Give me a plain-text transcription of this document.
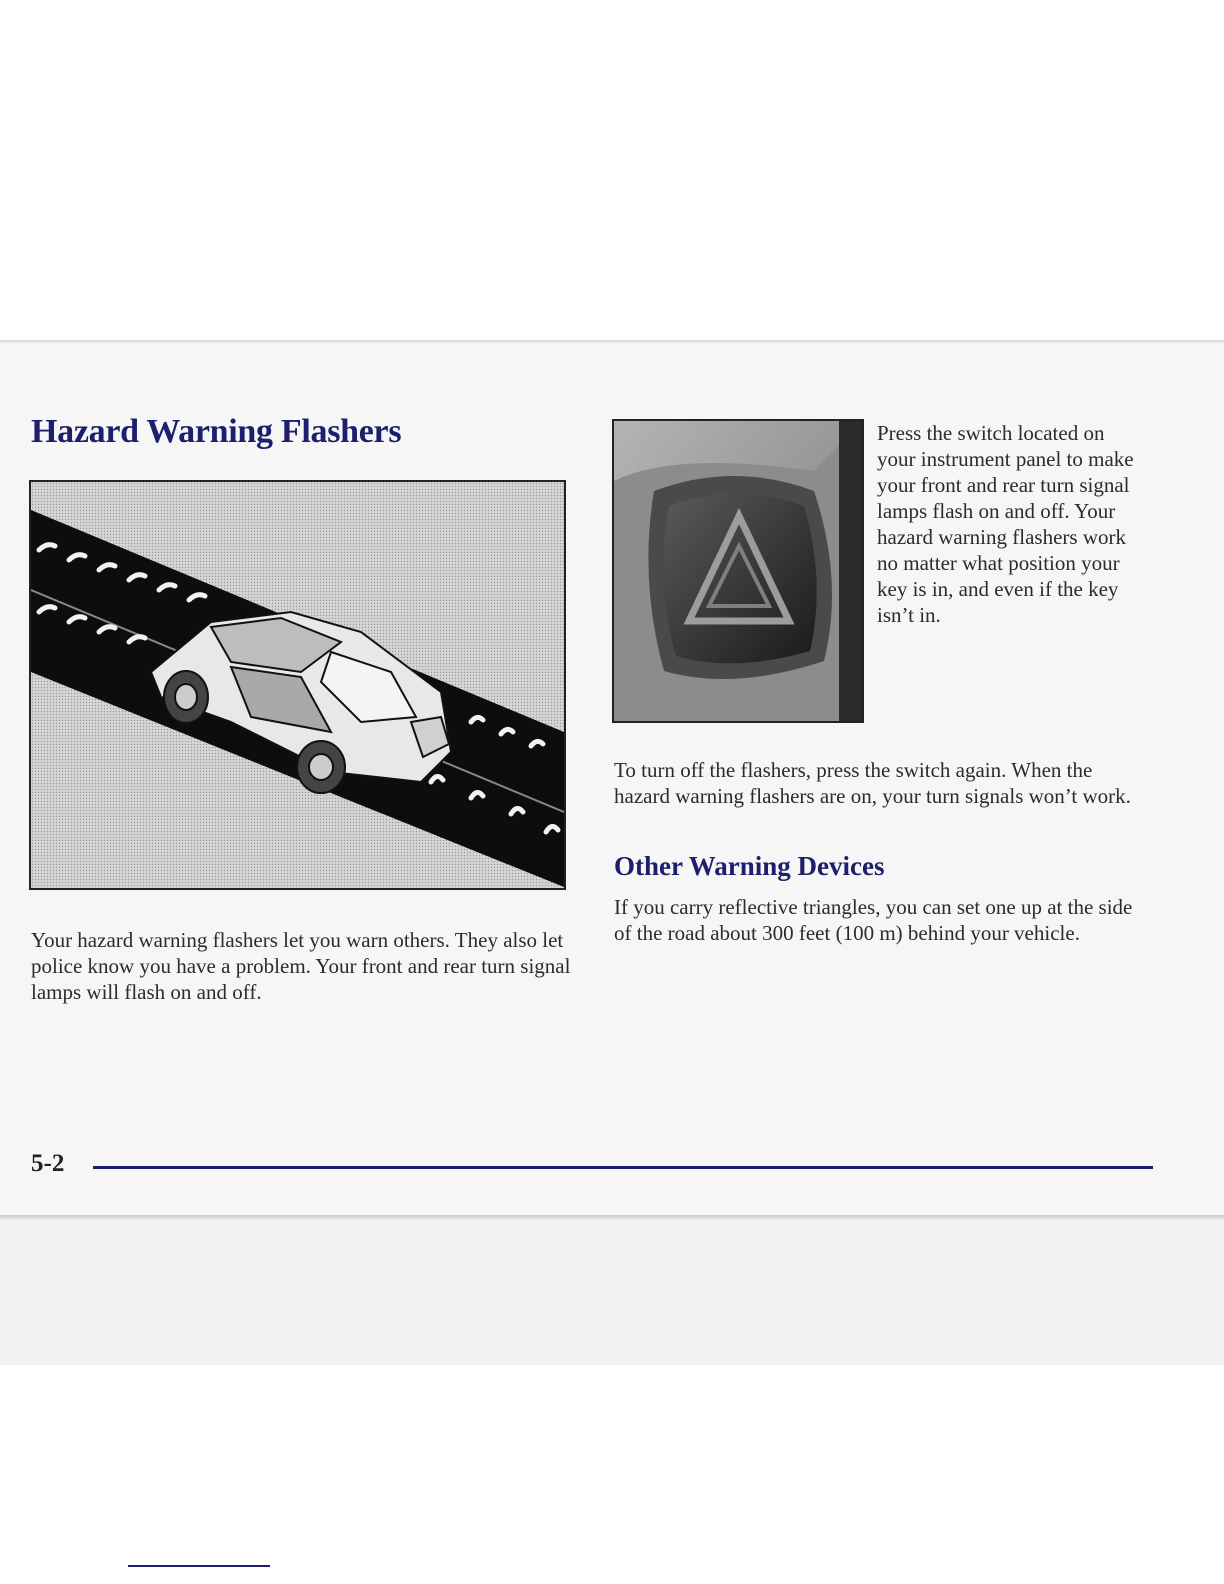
Hazard Warning Flashers	Press the switch located on your instrument panel to make your front and rear turn signal lamps flash on and off. Your hazard warning flashers work no matter what position your key is in, and even if the key isn’t in.

To turn off the flashers, press the switch again. When the hazard warning flashers are on, your turn signals won’t work.

Other Warning Devices

If you carry reflective triangles, you can set one up at the side of the road about 300 feet (100 m) behind your vehicle.

Your hazard warning flashers let you warn others. They also let police know you have a problem. Your front and rear turn signal lamps will flash on and off.

5-2
